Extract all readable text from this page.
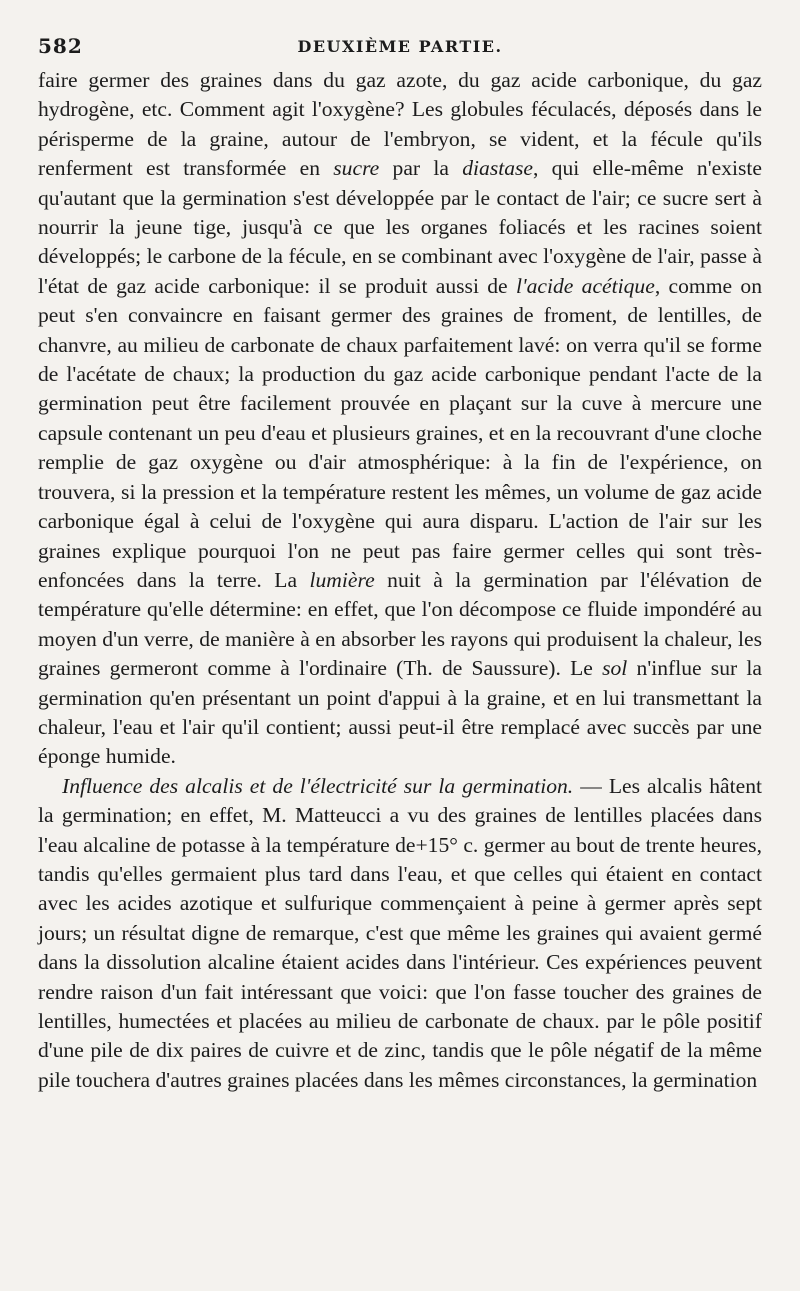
582	DEUXIÈME PARTIE.

faire germer des graines dans du gaz azote, du gaz acide carbonique, du gaz hydrogène, etc. Comment agit l'oxygène? Les globules féculacés, déposés dans le périsperme de la graine, autour de l'embryon, se vident, et la fécule qu'ils renferment est transformée en sucre par la diastase, qui elle-même n'existe qu'autant que la germination s'est développée par le contact de l'air; ce sucre sert à nourrir la jeune tige, jusqu'à ce que les organes foliacés et les racines soient développés; le carbone de la fécule, en se combinant avec l'oxygène de l'air, passe à l'état de gaz acide carbonique: il se produit aussi de l'acide acétique, comme on peut s'en convaincre en faisant germer des graines de froment, de lentilles, de chanvre, au milieu de carbonate de chaux parfaitement lavé: on verra qu'il se forme de l'acétate de chaux; la production du gaz acide carbonique pendant l'acte de la germination peut être facilement prouvée en plaçant sur la cuve à mercure une capsule contenant un peu d'eau et plusieurs graines, et en la recouvrant d'une cloche remplie de gaz oxygène ou d'air atmosphérique: à la fin de l'expérience, on trouvera, si la pression et la température restent les mêmes, un volume de gaz acide carbonique égal à celui de l'oxygène qui aura disparu. L'action de l'air sur les graines explique pourquoi l'on ne peut pas faire germer celles qui sont très-enfoncées dans la terre. La lumière nuit à la germination par l'élévation de température qu'elle détermine: en effet, que l'on décompose ce fluide impondéré au moyen d'un verre, de manière à en absorber les rayons qui produisent la chaleur, les graines germeront comme à l'ordinaire (Th. de Saussure). Le sol n'influe sur la germination qu'en présentant un point d'appui à la graine, et en lui transmettant la chaleur, l'eau et l'air qu'il contient; aussi peut-il être remplacé avec succès par une éponge humide.

Influence des alcalis et de l'électricité sur la germination. — Les alcalis hâtent la germination; en effet, M. Matteucci a vu des graines de lentilles placées dans l'eau alcaline de potasse à la température de+15° c. germer au bout de trente heures, tandis qu'elles germaient plus tard dans l'eau, et que celles qui étaient en contact avec les acides azotique et sulfurique commençaient à peine à germer après sept jours; un résultat digne de remarque, c'est que même les graines qui avaient germé dans la dissolution alcaline étaient acides dans l'intérieur. Ces expériences peuvent rendre raison d'un fait intéressant que voici: que l'on fasse toucher des graines de lentilles, humectées et placées au milieu de carbonate de chaux. par le pôle positif d'une pile de dix paires de cuivre et de zinc, tandis que le pôle négatif de la même pile touchera d'autres graines placées dans les mêmes circonstances, la germination
